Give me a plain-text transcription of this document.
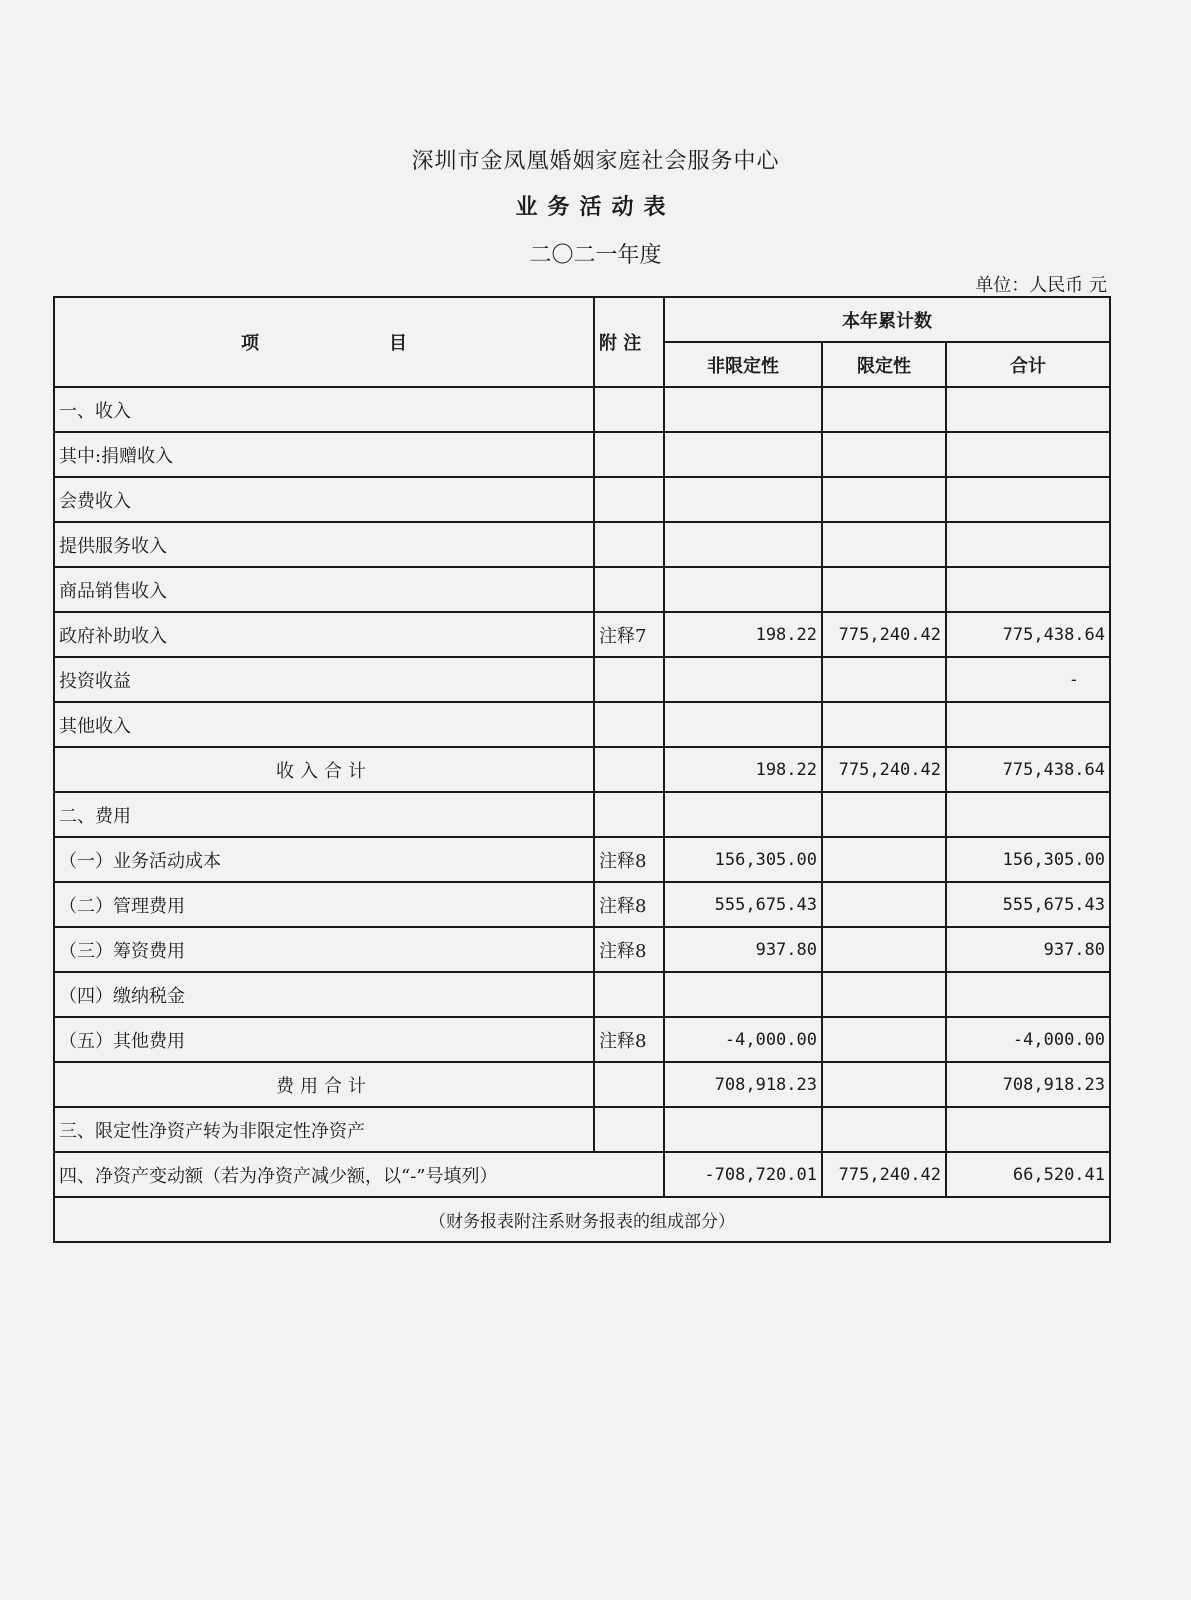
深圳市金凤凰婚姻家庭社会服务中心
业务活动表
二〇二一年度
单位：人民币 元
项 目	附 注	本年累计数		
		非限定性	限定性	合计
一、收入				
其中:捐赠收入				
会费收入				
提供服务收入				
商品销售收入				
政府补助收入	注释7	198.22	775,240.42	775,438.64
投资收益				-
其他收入				
收入合计		198.22	775,240.42	775,438.64
二、费用				
（一）业务活动成本	注释8	156,305.00		156,305.00
（二）管理费用	注释8	555,675.43		555,675.43
（三）筹资费用	注释8	937.80		937.80
（四）缴纳税金				
（五）其他费用	注释8	-4,000.00		-4,000.00
费用合计		708,918.23		708,918.23
三、限定性净资产转为非限定性净资产				
四、净资产变动额（若为净资产减少额，以“-”号填列）		-708,720.01	775,240.42	66,520.41
（财务报表附注系财务报表的组成部分）				
